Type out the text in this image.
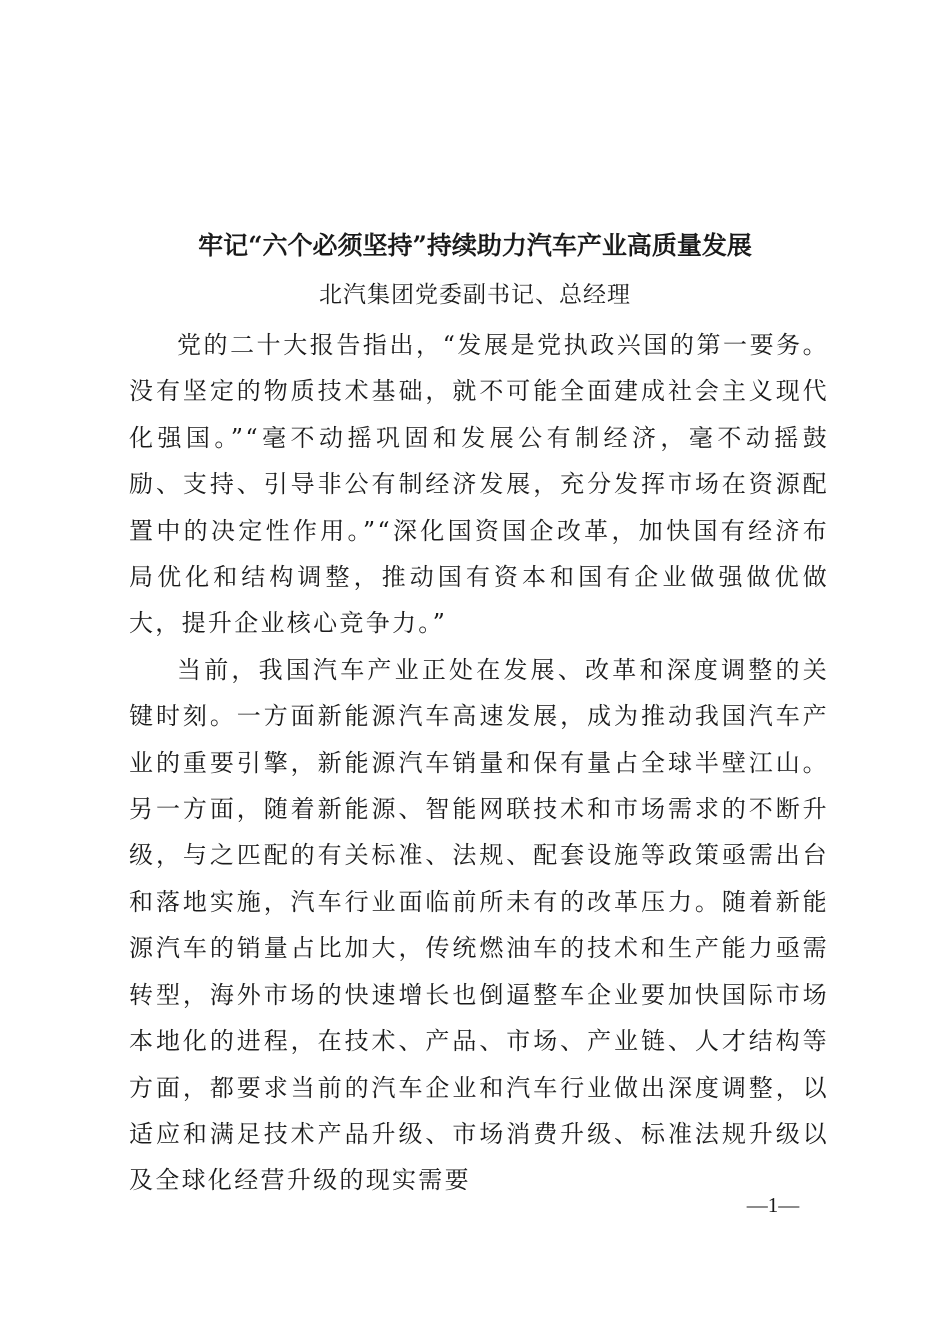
牢记“六个必须坚持”持续助力汽车产业高质量发展
北汽集团党委副书记、总经理

党的二十大报告指出，“发展是党执政兴国的第一要务。没有坚定的物质技术基础，就不可能全面建成社会主义现代化强国。”“毫不动摇巩固和发展公有制经济，毫不动摇鼓励、支持、引导非公有制经济发展，充分发挥市场在资源配置中的决定性作用。”“深化国资国企改革，加快国有经济布局优化和结构调整，推动国有资本和国有企业做强做优做大，提升企业核心竞争力。”

当前，我国汽车产业正处在发展、改革和深度调整的关键时刻。一方面新能源汽车高速发展，成为推动我国汽车产业的重要引擎，新能源汽车销量和保有量占全球半壁江山。另一方面，随着新能源、智能网联技术和市场需求的不断升级，与之匹配的有关标准、法规、配套设施等政策亟需出台和落地实施，汽车行业面临前所未有的改革压力。随着新能源汽车的销量占比加大，传统燃油车的技术和生产能力亟需转型，海外市场的快速增长也倒逼整车企业要加快国际市场本地化的进程，在技术、产品、市场、产业链、人才结构等方面，都要求当前的汽车企业和汽车行业做出深度调整，以适应和满足技术产品升级、市场消费升级、标准法规升级以及全球化经营升级的现实需要

—1—
